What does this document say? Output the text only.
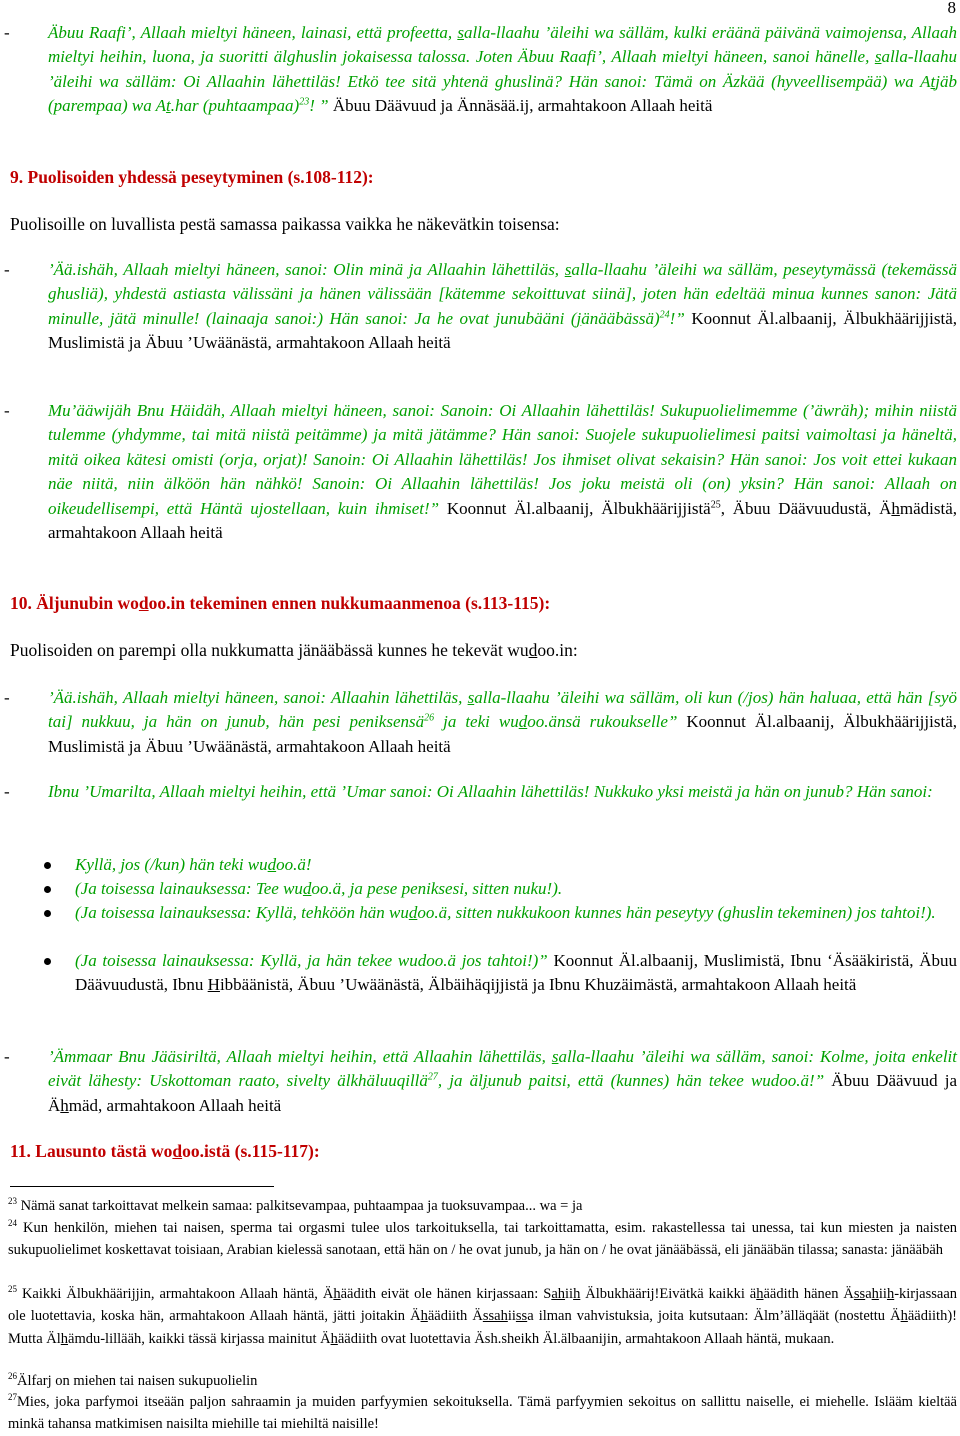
8
- Äbuu Raafi’, Allaah mieltyi häneen, lainasi, että profeetta, salla-llaahu ’äleihi wa sälläm, kulki eräänä päivänä vaimojensa, Allaah mieltyi heihin, luona, ja suoritti älghuslin jokaisessa talossa. Joten Äbuu Raafi’, Allaah mieltyi häneen, sanoi hänelle, salla-llaahu ’äleihi wa sälläm: Oi Allaahin lähettiläs! Etkö tee sitä yhtenä ghuslinä? Hän sanoi: Tämä on Äzkää (hyveellisempää) wa Atjäb (parempaa) wa At.har (puhtaampaa)$^{23}$! ” Äbuu Däävuud ja Ännäsää.ij, armahtakoon Allaah heitä
9. Puolisoiden yhdessä peseytyminen (s.108-112):
Puolisoille on luvallista pestä samassa paikassa vaikka he näkevätkin toisensa:
- ’Ää.ishäh, Allaah mieltyi häneen, sanoi: Olin minä ja Allaahin lähettiläs, salla-llaahu ’äleihi wa sälläm, peseytymässä (tekemässä ghusliä), yhdestä astiasta välissäni ja hänen välissään [kätemme sekoittuvat siinä], joten hän edeltää minua kunnes sanon: Jätä minulle, jätä minulle! (lainaaja sanoi:) Hän sanoi: Ja he ovat junubääni (jänääbässä)$^{24}$!” Koonnut Äl.albaanij, Älbukhäärijjistä, Muslimistä ja Äbuu ’Uwäänästä, armahtakoon Allaah heitä
- Mu’ääwijäh Bnu Häidäh, Allaah mieltyi häneen, sanoi: Sanoin: Oi Allaahin lähettiläs! Sukupuolielimemme (’äwräh); mihin niistä tulemme (yhdymme, tai mitä niistä peitämme) ja mitä jätämme? Hän sanoi: Suojele sukupuolielimesi paitsi vaimoltasi ja häneltä, mitä oikea kätesi omisti (orja, orjat)! Sanoin: Oi Allaahin lähettiläs! Jos ihmiset olivat sekaisin? Hän sanoi: Jos voit ettei kukaan näe niitä, niin älköön hän nähkö! Sanoin: Oi Allaahin lähettiläs! Jos joku meistä oli (on) yksin? Hän sanoi: Allaah on oikeudellisempi, että Häntä ujostellaan, kuin ihmiset!” Koonnut Äl.albaanij, Älbukhäärijjistä$^{25}$, Äbuu Däävuudustä, Ähmädistä, armahtakoon Allaah heitä
10. Äljunubin wodoo.in tekeminen ennen nukkumaanmenoa (s.113-115):
Puolisoiden on parempi olla nukkumatta jänääbässä kunnes he tekevät wudoo.in:
- ’Ää.ishäh, Allaah mieltyi häneen, sanoi: Allaahin lähettiläs, salla-llaahu ’äleihi wa sälläm, oli kun (/jos) hän haluaa, että hän [syö tai] nukkuu, ja hän on junub, hän pesi peniksensä$^{26}$ ja teki wudoo.änsä rukoukselle” Koonnut Äl.albaanij, Älbukhäärijjistä, Muslimistä ja Äbuu ’Uwäänästä, armahtakoon Allaah heitä
- Ibnu ’Umarilta, Allaah mieltyi heihin, että ’Umar sanoi: Oi Allaahin lähettiläs! Nukkuko yksi meistä ja hän on junub? Hän sanoi:
Kyllä, jos (/kun) hän teki wudoo.ä!
(Ja toisessa lainauksessa: Tee wudoo.ä, ja pese peniksesi, sitten nuku!).
(Ja toisessa lainauksessa: Kyllä, tehköön hän wudoo.ä, sitten nukkukoon kunnes hän peseytyy (ghuslin tekeminen) jos tahtoi!).
(Ja toisessa lainauksessa: Kyllä, ja hän tekee wudoo.ä jos tahtoi!)” Koonnut Äl.albaanij, Muslimistä, Ibnu ‘Äsääkiristä, Äbuu Däävuudustä, Ibnu Hibbäänistä, Äbuu ’Uwäänästä, Älbäihäqijjistä ja Ibnu Khuzäimästä, armahtakoon Allaah heitä
- ’Ämmaar Bnu Jääsiriltä, Allaah mieltyi heihin, että Allaahin lähettiläs, salla-llaahu ’äleihi wa sälläm, sanoi: Kolme, joita enkelit eivät lähesty: Uskottoman raato, sivelty älkhäluuqillä$^{27}$, ja äljunub paitsi, että (kunnes) hän tekee wudoo.ä!” Äbuu Däävuud ja Ähmäd, armahtakoon Allaah heitä
11. Lausunto tästä wodoo.istä (s.115-117):
$^{23}$ Nämä sanat tarkoittavat melkein samaa: palkitsevampaa, puhtaampaa ja tuoksuvampaa... wa = ja
$^{24}$ Kun henkilön, miehen tai naisen, sperma tai orgasmi tulee ulos tarkoituksella, tai tarkoittamatta, esim. rakastellessa tai unessa, tai kun miesten ja naisten sukupuolielimet koskettavat toisiaan, Arabian kielessä sanotaan, että hän on / he ovat junub, ja hän on / he ovat jänääbässä, eli jänääbän tilassa; sanasta: jänääbäh
$^{25}$ Kaikki Älbukhäärijjin, armahtakoon Allaah häntä, Ähäädith eivät ole hänen kirjassaan: Sahiih Älbukhäärij!Eivätkä kaikki ähäädith hänen Ässahiih-kirjassaan ole luotettavia, koska hän, armahtakoon Allaah häntä, jätti joitakin Ähäädiith Ässahiissa ilman vahvistuksia, joita kutsutaan: Älm’älläqäät (nostettu Ähäädiith)! Mutta Älhämdu-lillääh, kaikki tässä kirjassa mainitut Ähäädiith ovat luotettavia Äsh.sheikh Äl.älbaanijin, armahtakoon Allaah häntä, mukaan.
$^{26}$Älfarj on miehen tai naisen sukupuolielin
$^{27}$Mies, joka parfymoi itseään paljon sahraamin ja muiden parfyymien sekoituksella. Tämä parfyymien sekoitus on sallittu naiselle, ei miehelle. Islääm kieltää minkä tahansa matkimisen naisilta miehille tai miehiltä naisille!
